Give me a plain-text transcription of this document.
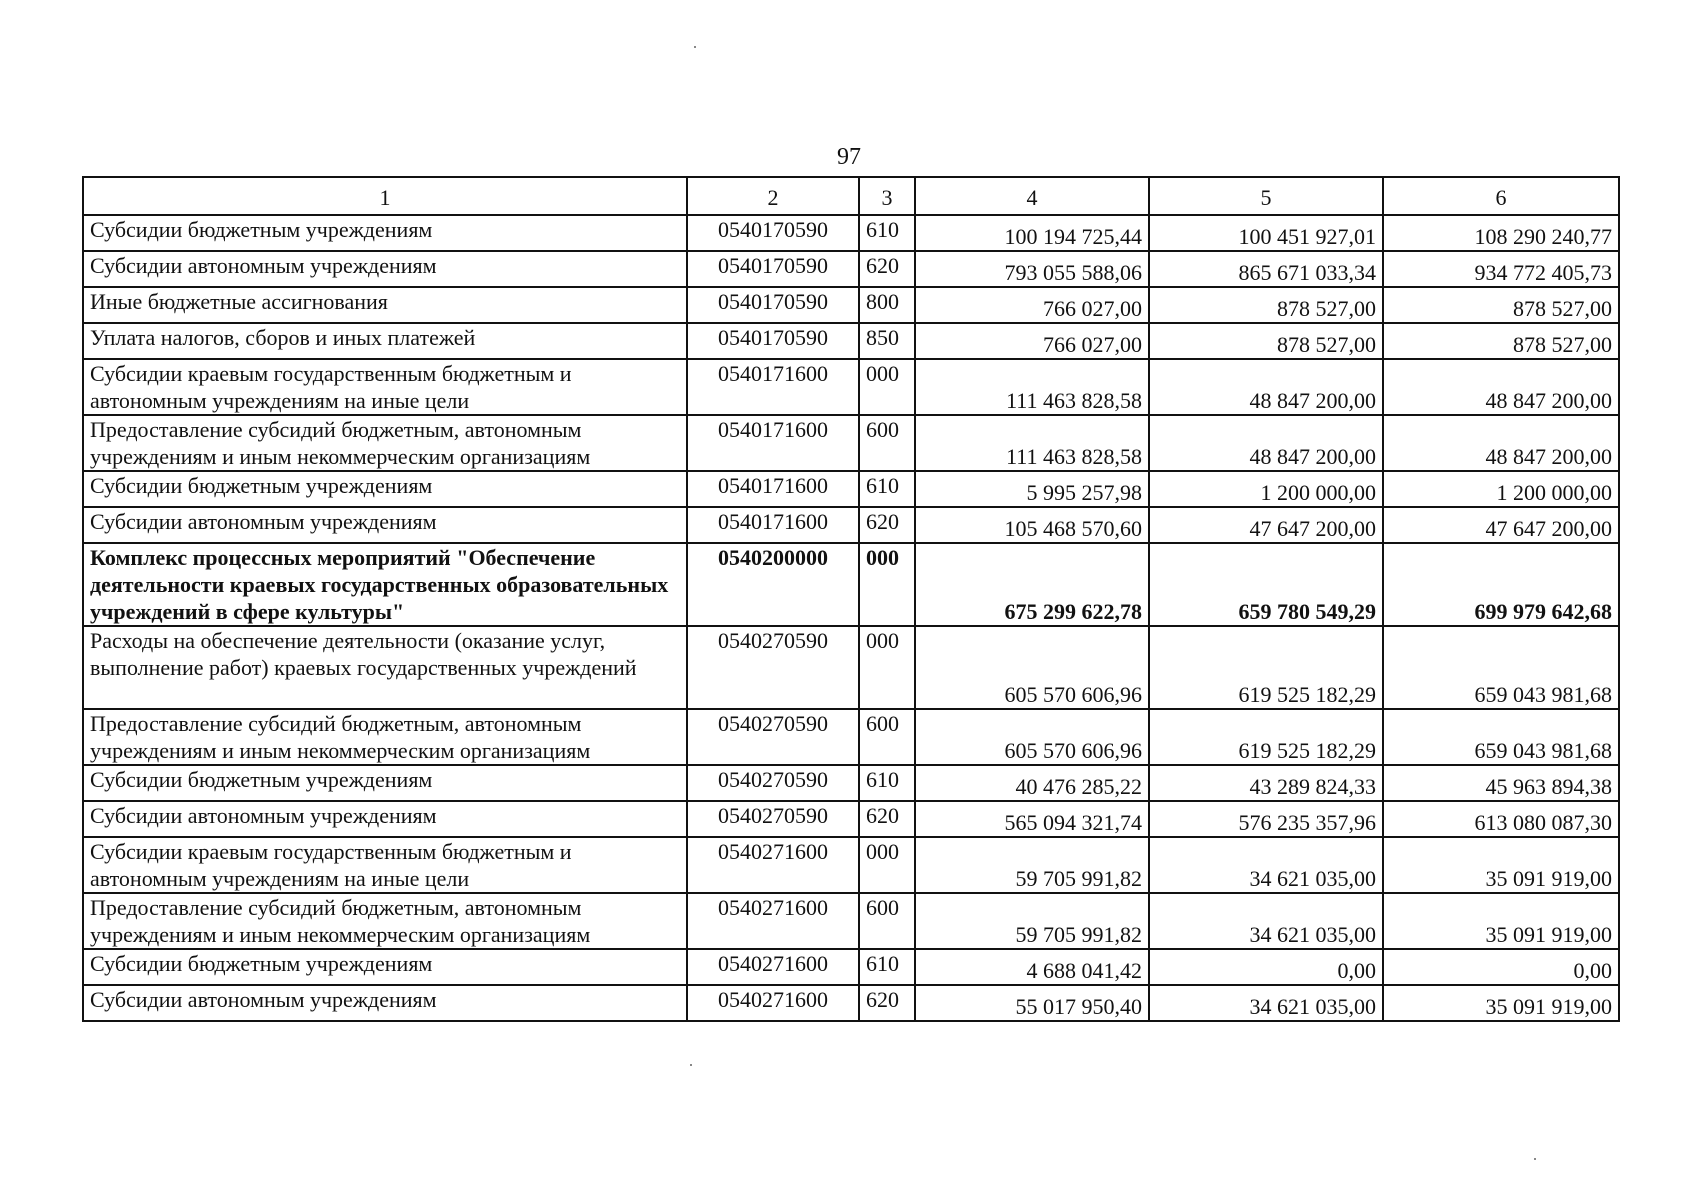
97
1	2	3	4	5	6
Субсидии бюджетным учреждениям	0540170590	610	100 194 725,44	100 451 927,01	108 290 240,77
Субсидии автономным учреждениям	0540170590	620	793 055 588,06	865 671 033,34	934 772 405,73
Иные бюджетные ассигнования	0540170590	800	766 027,00	878 527,00	878 527,00
Уплата налогов, сборов и иных платежей	0540170590	850	766 027,00	878 527,00	878 527,00
Субсидии краевым государственным бюджетным и автономным учреждениям на иные цели	0540171600	000	111 463 828,58	48 847 200,00	48 847 200,00
Предоставление субсидий бюджетным, автономным учреждениям и иным некоммерческим организациям	0540171600	600	111 463 828,58	48 847 200,00	48 847 200,00
Субсидии бюджетным учреждениям	0540171600	610	5 995 257,98	1 200 000,00	1 200 000,00
Субсидии автономным учреждениям	0540171600	620	105 468 570,60	47 647 200,00	47 647 200,00
Комплекс процессных мероприятий "Обеспечение деятельности краевых государственных образовательных учреждений в сфере культуры"	0540200000	000	675 299 622,78	659 780 549,29	699 979 642,68
Расходы на обеспечение деятельности (оказание услуг, выполнение работ) краевых государственных учреждений	0540270590	000	605 570 606,96	619 525 182,29	659 043 981,68
Предоставление субсидий бюджетным, автономным учреждениям и иным некоммерческим организациям	0540270590	600	605 570 606,96	619 525 182,29	659 043 981,68
Субсидии бюджетным учреждениям	0540270590	610	40 476 285,22	43 289 824,33	45 963 894,38
Субсидии автономным учреждениям	0540270590	620	565 094 321,74	576 235 357,96	613 080 087,30
Субсидии краевым государственным бюджетным и автономным учреждениям на иные цели	0540271600	000	59 705 991,82	34 621 035,00	35 091 919,00
Предоставление субсидий бюджетным, автономным учреждениям и иным некоммерческим организациям	0540271600	600	59 705 991,82	34 621 035,00	35 091 919,00
Субсидии бюджетным учреждениям	0540271600	610	4 688 041,42	0,00	0,00
Субсидии автономным учреждениям	0540271600	620	55 017 950,40	34 621 035,00	35 091 919,00
